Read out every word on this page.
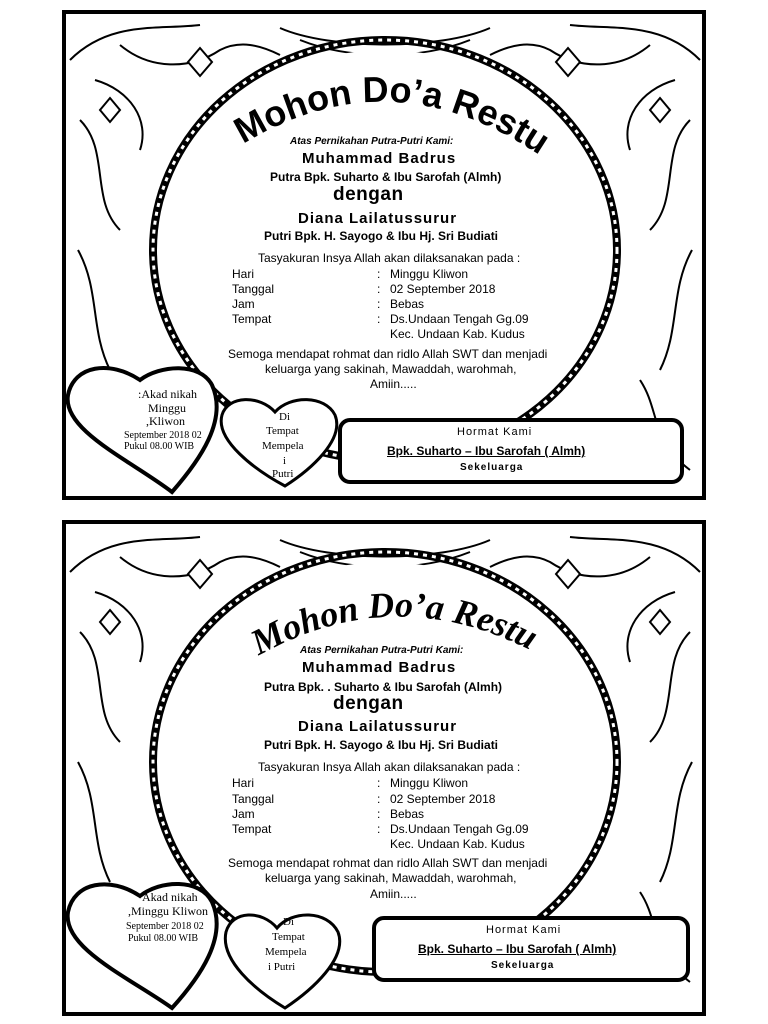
Mohon Do’a Restu
Atas Pernikahan Putra-Putri Kami:
Muhammad Badrus
Putra Bpk. Suharto & Ibu Sarofah (Almh)
dengan
Diana Lailatussurur
Putri Bpk. H. Sayogo & Ibu Hj. Sri Budiati
Tasyakuran Insya Allah akan dilaksanakan pada :
Hari	: Minggu Kliwon
Tanggal	: 02 September 2018
Jam	: Bebas
Tempat	: Ds.Undaan Tengah Gg.09
Kec. Undaan Kab. Kudus
Semoga mendapat rohmat dan ridlo Allah SWT dan menjadi
keluarga yang sakinah, Mawaddah, warohmah,
Amiin.....
:Akad nikah
Minggu
,Kliwon
September 2018 02
Pukul 08.00 WIB
Di
Tempat
Mempela
i
Putri
Hormat Kami
Bpk. Suharto – Ibu Sarofah ( Almh)
Sekeluarga
Mohon Do’a Restu
Atas Pernikahan Putra-Putri Kami:
Muhammad Badrus
Putra Bpk. . Suharto & Ibu Sarofah (Almh)
dengan
Diana Lailatussurur
Putri Bpk. H. Sayogo & Ibu Hj. Sri Budiati
Tasyakuran Insya Allah akan dilaksanakan pada :
Hari	: Minggu Kliwon
Tanggal	: 02 September 2018
Jam	: Bebas
Tempat	: Ds.Undaan Tengah Gg.09
Kec. Undaan Kab. Kudus
Semoga mendapat rohmat dan ridlo Allah SWT dan menjadi
keluarga yang sakinah, Mawaddah, warohmah,
Amiin.....
Akad nikah
,Minggu Kliwon
September 2018 02
Pukul 08.00 WIB
Di
Tempat
Mempela
i Putri
Hormat Kami
Bpk. Suharto – Ibu Sarofah ( Almh)
Sekeluarga
